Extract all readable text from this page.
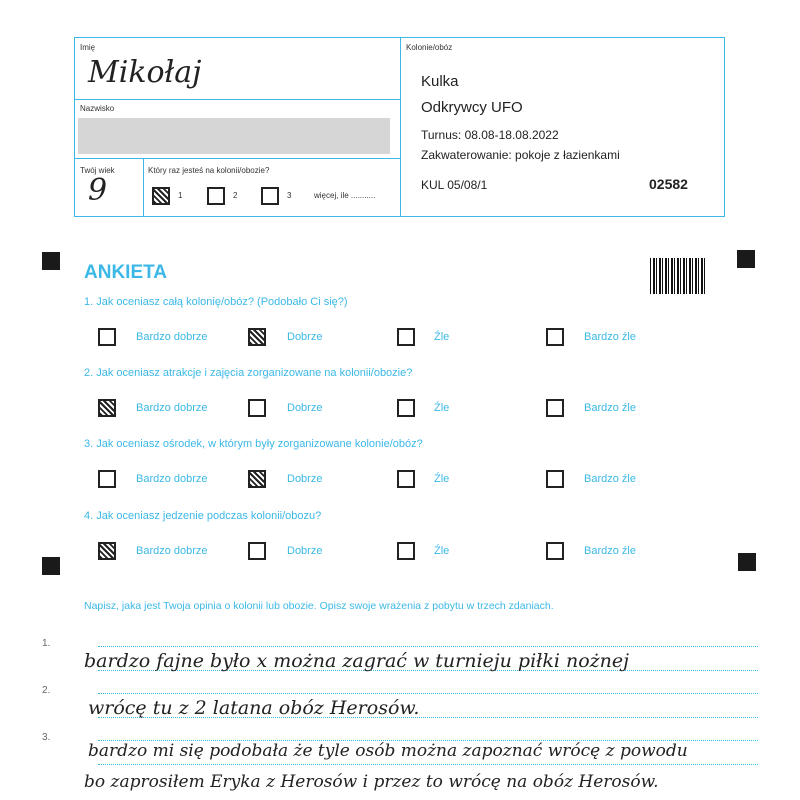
Imię
Mikołaj
Nazwisko
Twój wiek
9
Który raz jesteś na kolonii/obozie?
1	2	3	więcej, ile ...........
Kolonie/obóz
Kulka
Odkrywcy UFO
Turnus: 08.08-18.08.2022
Zakwaterowanie: pokoje z łazienkami
KUL 05/08/1	02582
ANKIETA
1. Jak oceniasz całą kolonię/obóz? (Podobało Ci się?)
Bardzo dobrze	Dobrze	Źle	Bardzo źle
2. Jak oceniasz atrakcje i zajęcia zorganizowane na kolonii/obozie?
Bardzo dobrze	Dobrze	Źle	Bardzo źle
3. Jak oceniasz ośrodek, w którym były zorganizowane kolonie/obóz?
Bardzo dobrze	Dobrze	Źle	Bardzo źle
4. Jak oceniasz jedzenie podczas kolonii/obozu?
Bardzo dobrze	Dobrze	Źle	Bardzo źle
Napisz, jaka jest Twoja opinia o kolonii lub obozie. Opisz swoje wrażenia z pobytu w trzech zdaniach.
1.
2.
3.
bardzo fajne było x można zagrać w turnieju piłki nożnej
wrócę tu z 2 latana obóz Herosów.
bardzo mi się podobała że tyle osób można zapoznać wrócę z powodu
bo zaprosiłem Eryka z Herosów i przez to wrócę na obóz Herosów.
